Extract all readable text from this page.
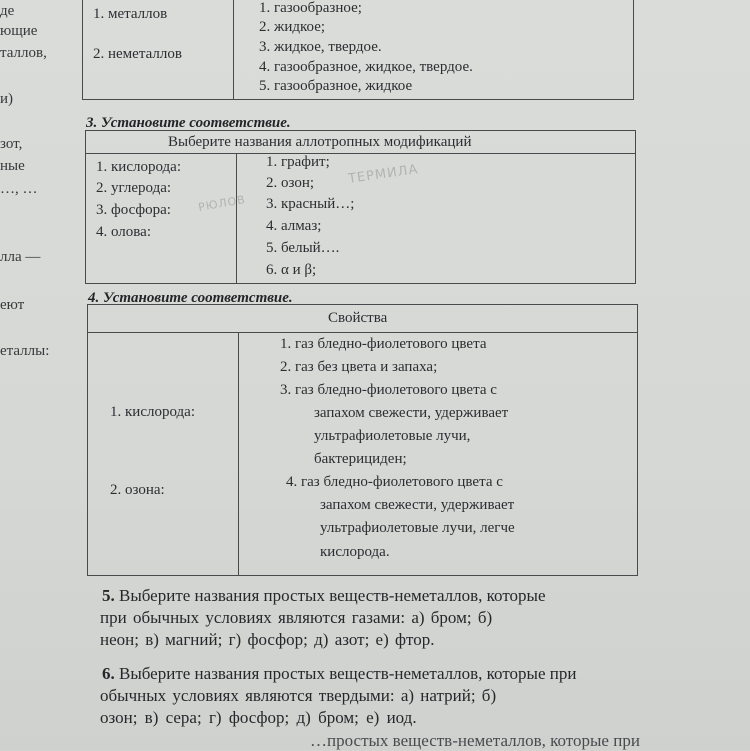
де
ющие
таллов,
и)
зот,
ные
…, …
лла —
еют
еталлы:
1. металлов
2. неметаллов
1. газообразное;
2. жидкое;
3. жидкое, твердое.
4. газообразное, жидкое, твердое.
5. газообразное, жидкое
3. Установите соответствие.
Выберите названия аллотропных модификаций
1. кислорода:
2. углерода:
3. фосфора:
4. олова:
1. графит;
2. озон;
3. красный…;
4. алмаз;
5. белый….
6. α и β;
ТЕРМИЛА
РЮЛОВ
4. Установите соответствие.
Свойства
1. кислорода:
2. озона:
1. газ бледно-фиолетового цвета
2. газ без цвета и запаха;
3. газ бледно-фиолетового цвета с
запахом свежести, удерживает
ультрафиолетовые лучи,
бактерициден;
4. газ бледно-фиолетового цвета с
запахом свежести, удерживает
ультрафиолетовые лучи, легче
кислорода.
5. Выберите названия простых веществ-неметаллов, которые
при обычных условиях являются газами: а) бром; б)
неон; в) магний; г) фосфор; д) азот; е) фтор.
6. Выберите названия простых веществ-неметаллов, которые при
обычных условиях являются твердыми: а) натрий; б)
озон; в) сера; г) фосфор; д) бром; е) иод.
…простых веществ-неметаллов, которые при
